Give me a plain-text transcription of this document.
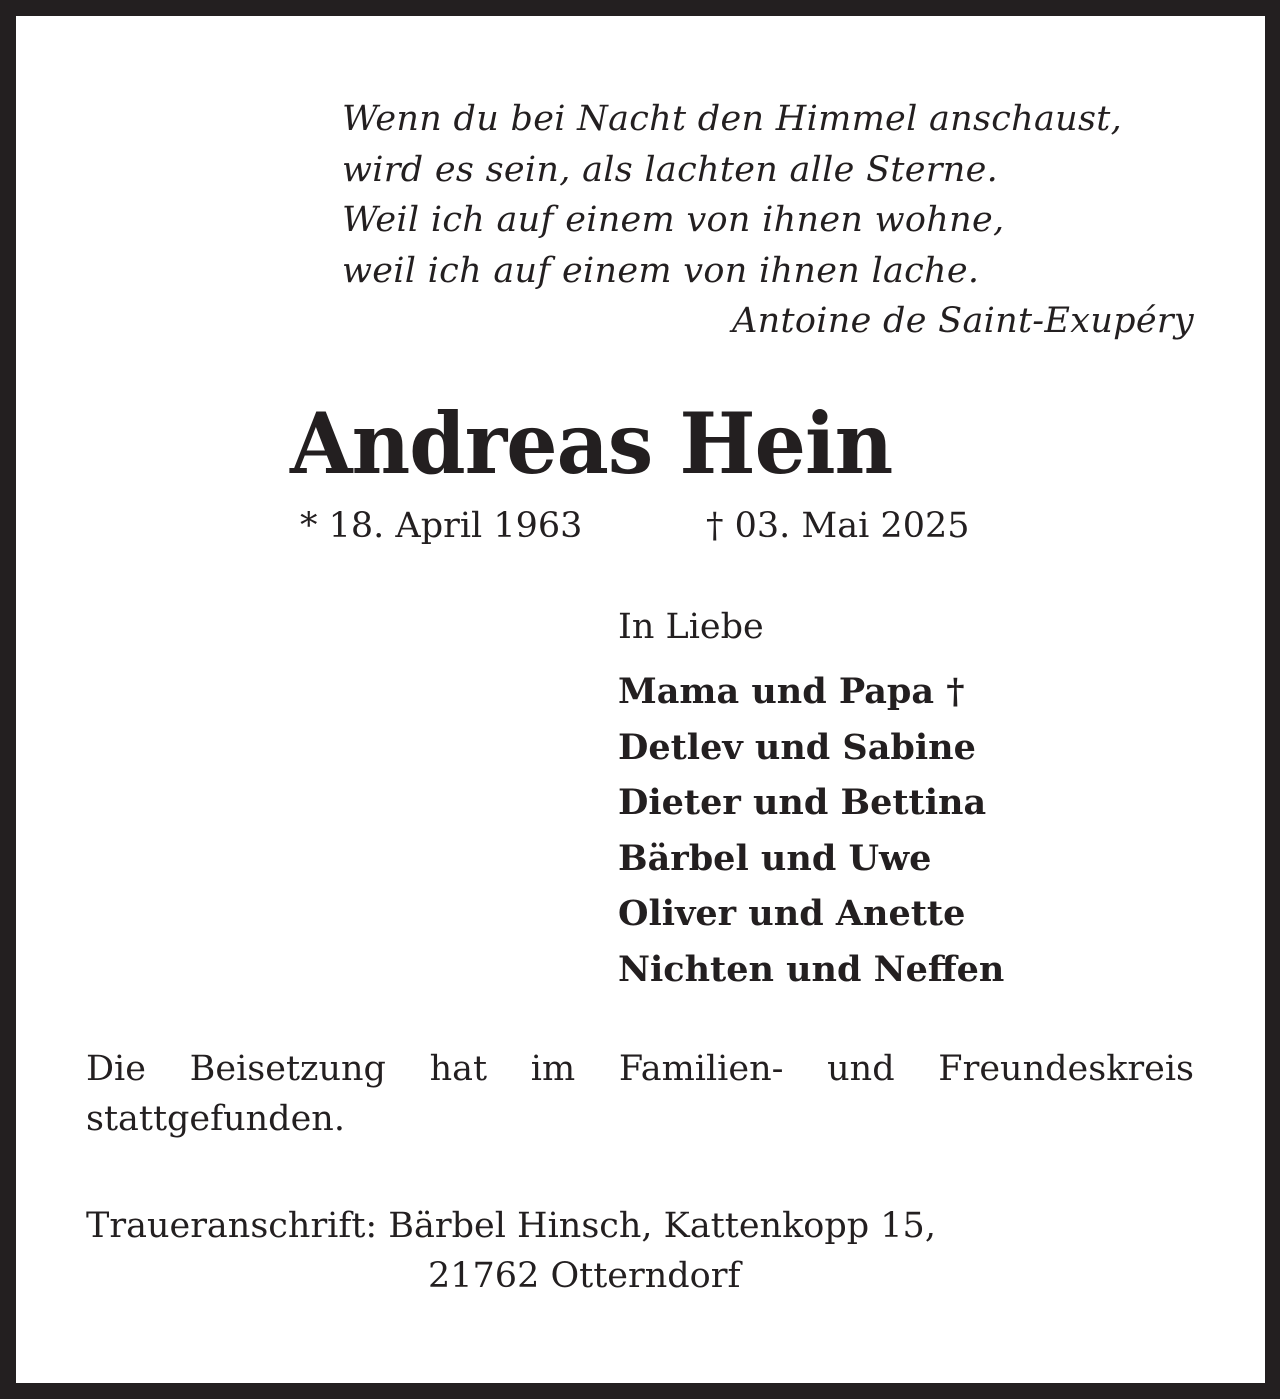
Wenn du bei Nacht den Himmel anschaust,
wird es sein, als lachten alle Sterne.
Weil ich auf einem von ihnen wohne,
weil ich auf einem von ihnen lache.
Antoine de Saint-Exupéry
Andreas Hein
* 18. April 1963	† 03. Mai 2025
In Liebe
Mama und Papa †
Detlev und Sabine
Dieter und Bettina
Bärbel und Uwe
Oliver und Anette
Nichten und Neffen
Die Beisetzung hat im Familien- und Freundeskreis stattgefunden.
Traueranschrift: Bärbel Hinsch, Kattenkopp 15,
21762 Otterndorf
